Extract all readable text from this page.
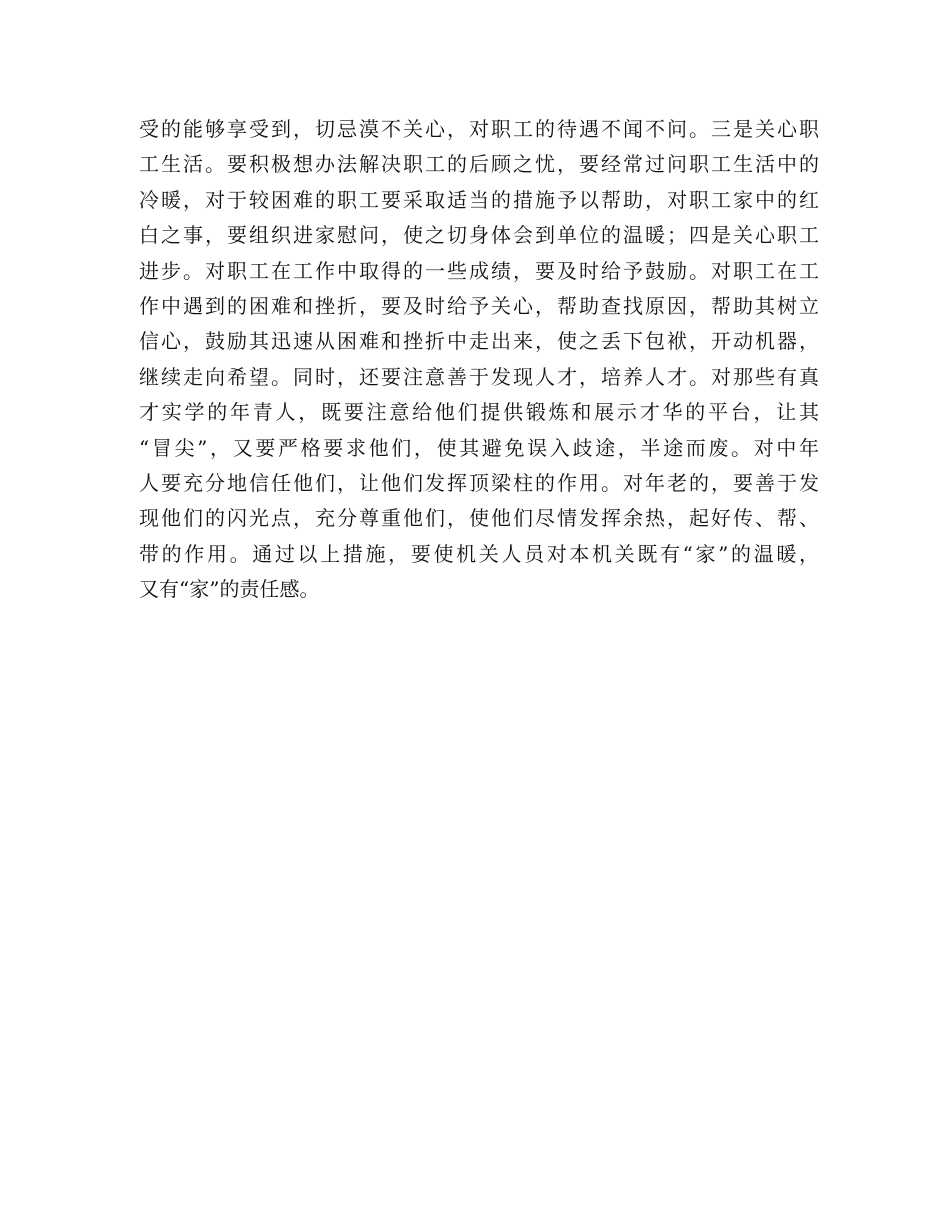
受的能够享受到，切忌漠不关心，对职工的待遇不闻不问。三是关心职
工生活。要积极想办法解决职工的后顾之忧，要经常过问职工生活中的
冷暖，对于较困难的职工要采取适当的措施予以帮助，对职工家中的红
白之事，要组织进家慰问，使之切身体会到单位的温暖；四是关心职工
进步。对职工在工作中取得的一些成绩，要及时给予鼓励。对职工在工
作中遇到的困难和挫折，要及时给予关心，帮助查找原因，帮助其树立
信心，鼓励其迅速从困难和挫折中走出来，使之丢下包袱，开动机器，
继续走向希望。同时，还要注意善于发现人才，培养人才。对那些有真
才实学的年青人，既要注意给他们提供锻炼和展示才华的平台，让其
“冒尖”，又要严格要求他们，使其避免误入歧途，半途而废。对中年
人要充分地信任他们，让他们发挥顶梁柱的作用。对年老的，要善于发
现他们的闪光点，充分尊重他们，使他们尽情发挥余热，起好传、帮、
带的作用。通过以上措施，要使机关人员对本机关既有“家”的温暖，
又有“家”的责任感。
